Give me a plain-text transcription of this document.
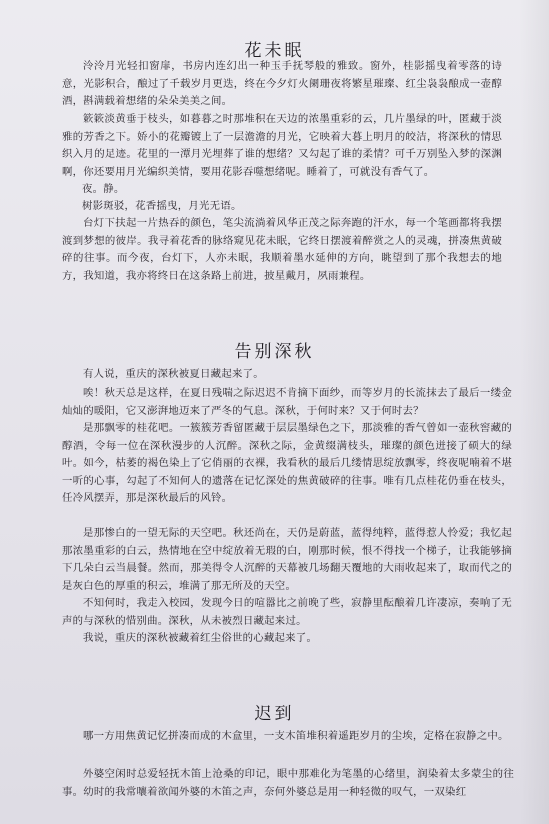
花未眠

泠泠月光轻扣窗扉，书房内连幻出一种玉手抚琴般的雅致。窗外，桂影摇曳着零落的诗意，光影积合，酿过了千载岁月更迭，终在今夕灯火阑珊夜将繁星璀璨、红尘袅袅酿成一壶醇酒，斟满载着想绪的朵朵美美之间。

簌簌淡黄垂于枝头，如暮暮之时那堆积在天边的浓墨重彩的云，几片墨绿的叶，匿藏于淡雅的芳香之下。娇小的花瓣镀上了一层澹澹的月光，它映着大暮上明月的皎洁，将深秋的情思织入月的足迹。花里的一潭月光埋葬了谁的想绪？又勾起了谁的柔情？可千万别坠入梦的深渊啊，你还要用月光编织美情，要用花影吞噬想绪呢。睡着了，可就没有香气了。

夜。静。

树影斑驳，花香摇曳，月光无语。

台灯下扶起一片热吞的颜色，笔尖流淌着风华正茂之际奔跑的汗水，每一个笔画都将我摆渡到梦想的彼岸。我寻着花香的脉络窥见花未眠，它终日摆渡着醉赏之人的灵魂，拼凑焦黄破碎的往事。而今夜，台灯下，人亦未眠，我顺着墨水延伸的方向，眺望到了那个我想去的地方，我知道，我亦将终日在这条路上前进，披星戴月，夙雨兼程。

告别深秋

有人说，重庆的深秋被夏日藏起来了。

唉！秋天总是这样，在夏日残喘之际迟迟不肯摘下面纱，而等岁月的长流抹去了最后一缕金灿灿的暖阳，它又澎湃地迈来了严冬的气息。深秋，于何时来？又于何时去？

是那飘零的桂花吧。一簇簇芳香留匿藏于层层墨绿色之下，那淡雅的香气曾如一壶秋窖藏的醇酒，令每一位在深秋漫步的人沉醉。深秋之际，金黄缀满枝头，璀璨的颜色迸接了硕大的绿叶。如今，枯萎的褐色染上了它俏丽的衣裸，我看秋的最后几缕情思绽放飘零，终夜呢喃着不堪一听的心事，勾起了不知何人的遗落在记忆深处的焦黄破碎的往事。唯有几点桂花仍垂在枝头，任冷风摆弄，那是深秋最后的风铃。

是那惨白的一望无际的天空吧。秋还尚在，天仍是蔚蓝，蓝得纯粹，蓝得惹人怜爱；我忆起那浓墨重彩的白云，热情地在空中绽放着无瑕的白，刚那时候，恨不得找一个梯子，让我能够摘下几朵白云当晨餐。然而，那美得令人沉醉的天幕被几场翻天覆地的大雨收起来了，取而代之的是灰白色的厚重的积云，堆满了那无所及的天空。

不知何时，我走入校园，发现今日的喧嚣比之前晚了些，寂静里酝酿着几许凄凉，奏响了无声的与深秋的惜别曲。深秋，从未被烈日藏起来过。

我说，重庆的深秋被藏着红尘俗世的心藏起来了。

迟到

哪一方用焦黄记忆拼凑而成的木盒里，一支木笛堆积着遥距岁月的尘埃，定格在寂静之中。

外婆空闲时总爱轻抚木笛上沧桑的印记，眼中那难化为笔墨的心绪里，润染着太多蒙尘的往事。幼时的我常嚷着欲闻外婆的木笛之声，奈何外婆总是用一种轻微的叹气，一双染红
